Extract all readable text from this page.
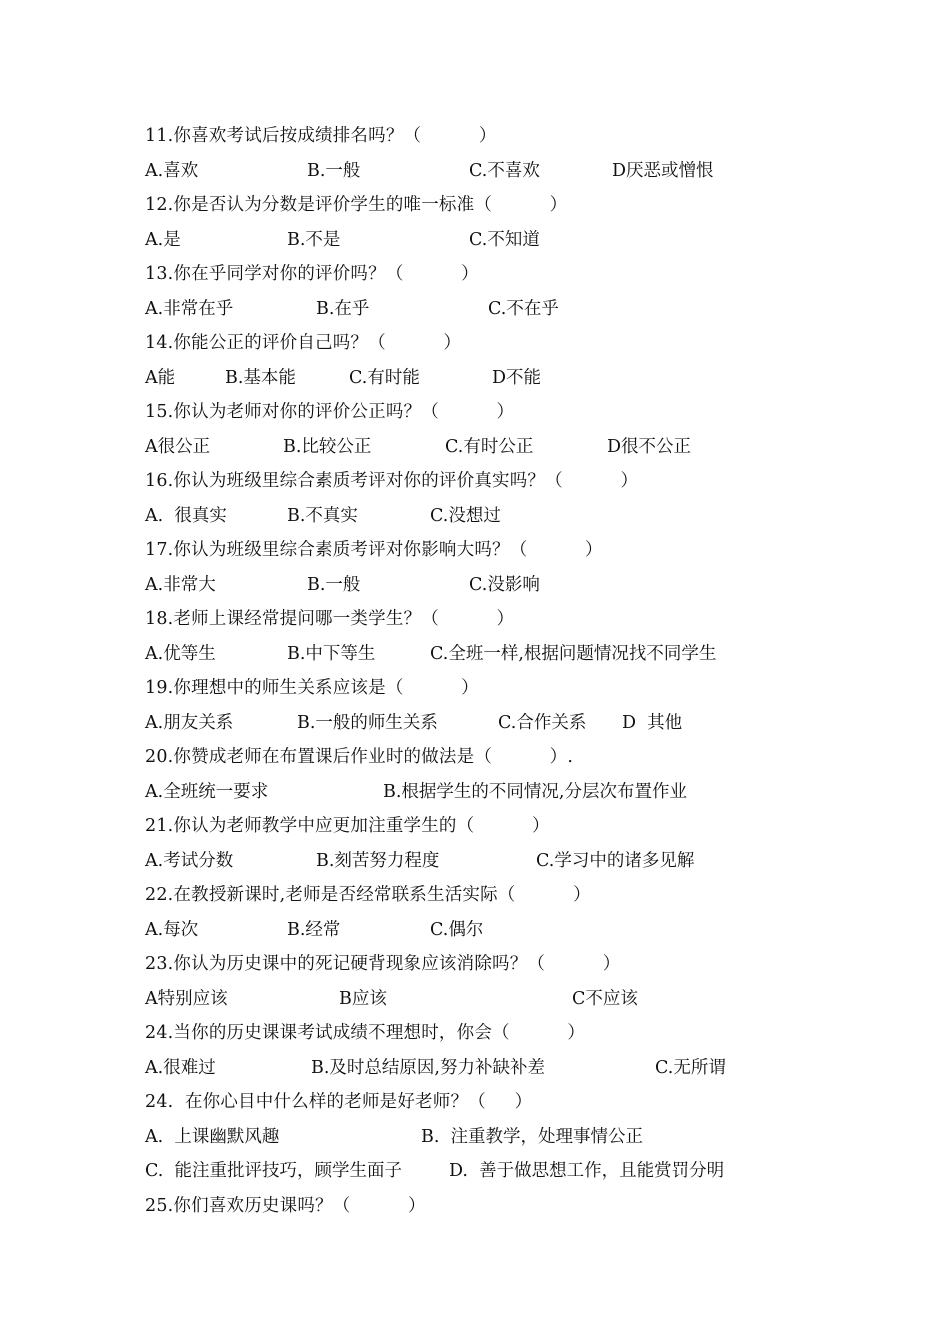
11.你喜欢考试后按成绩排名吗？（          ）
A.喜欢	B.一般	C.不喜欢	D厌恶或憎恨
12.你是否认为分数是评价学生的唯一标准（          ）
A.是	B.不是	C.不知道
13.你在乎同学对你的评价吗？（          ）
A.非常在乎	B.在乎	C.不在乎
14.你能公正的评价自己吗？（          ）
A能	B.基本能	C.有时能	D不能
15.你认为老师对你的评价公正吗？（          ）
A很公正	B.比较公正	C.有时公正	D很不公正
16.你认为班级里综合素质考评对你的评价真实吗？（          ）
A.  很真实	B.不真实	C.没想过
17.你认为班级里综合素质考评对你影响大吗？（          ）
A.非常大	B.一般	C.没影响
18.老师上课经常提问哪一类学生？（          ）
A.优等生	B.中下等生	C.全班一样,根据问题情况找不同学生
19.你理想中的师生关系应该是（          ）
A.朋友关系	B.一般的师生关系	C.合作关系 D  其他
20.你赞成老师在布置课后作业时的做法是（          ）.
A.全班统一要求	B.根据学生的不同情况,分层次布置作业
21.你认为老师教学中应更加注重学生的（          ）
A.考试分数	B.刻苦努力程度	C.学习中的诸多见解
22.在教授新课时,老师是否经常联系生活实际（          ）
A.每次	B.经常	C.偶尔
23.你认为历史课中的死记硬背现象应该消除吗？（          ）
A特别应该	B应该	C不应该
24.当你的历史课课考试成绩不理想时，你会（          ）
A.很难过	B.及时总结原因,努力补缺补差	C.无所谓
24.  在你心目中什么样的老师是好老师？（     ）
A.  上课幽默风趣	B.  注重教学，处理事情公正
C.  能注重批评技巧，顾学生面子	D.  善于做思想工作，且能赏罚分明
25.你们喜欢历史课吗？（          ）
